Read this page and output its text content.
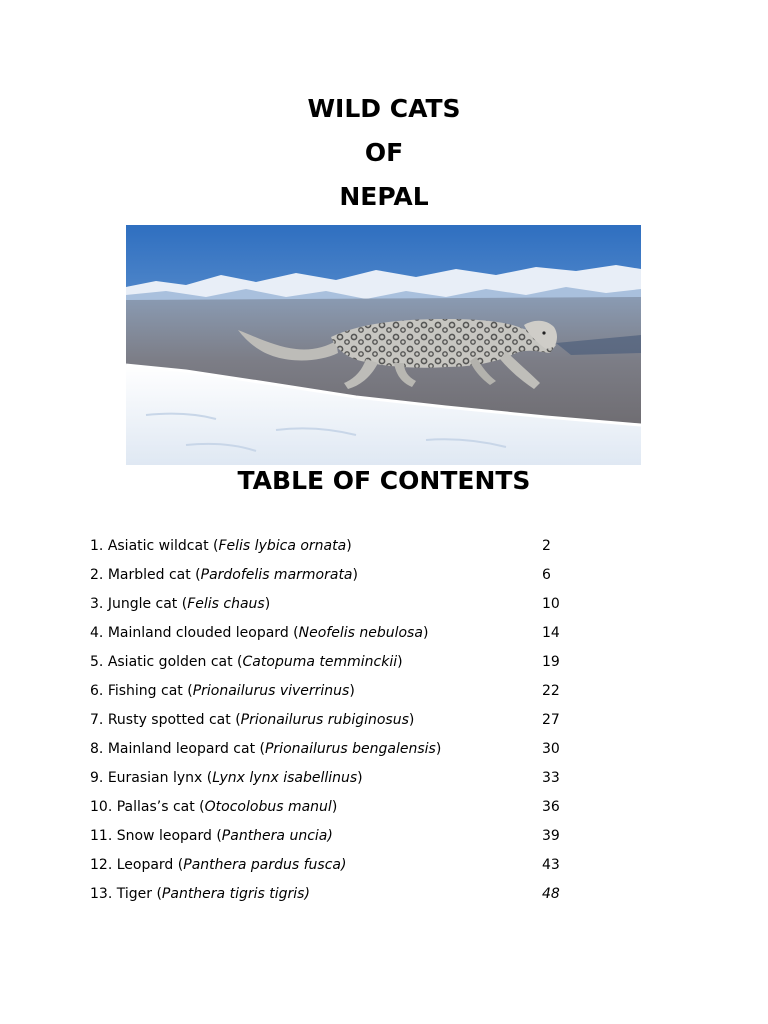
WILD CATS
OF
NEPAL
TABLE OF CONTENTS
1. Asiatic wildcat (Felis lybica ornata)	2
2. Marbled cat (Pardofelis marmorata)	6
3. Jungle cat (Felis chaus)	10
4. Mainland clouded leopard (Neofelis nebulosa)	14
5. Asiatic golden cat (Catopuma temminckii)	19
6. Fishing cat (Prionailurus viverrinus)	22
7. Rusty spotted cat (Prionailurus rubiginosus)	27
8. Mainland leopard cat (Prionailurus bengalensis)	30
9. Eurasian lynx (Lynx lynx isabellinus)	33
10. Pallas’s cat (Otocolobus manul)	36
11. Snow leopard (Panthera uncia)	39
12. Leopard (Panthera pardus fusca)	43
13. Tiger (Panthera tigris tigris)	48
